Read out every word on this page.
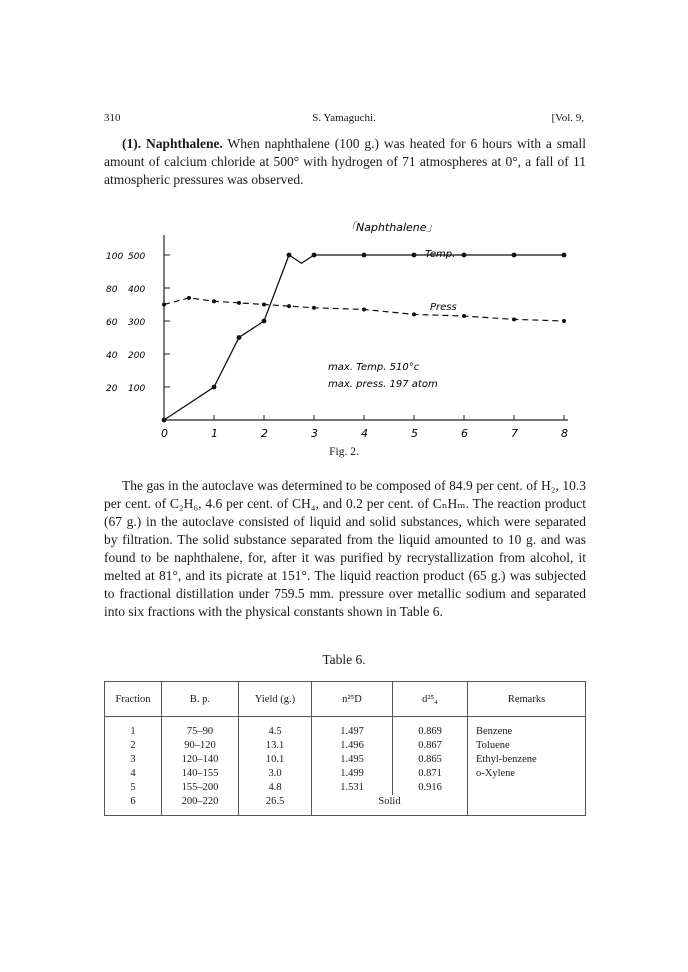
310	S. Yamaguchi.	[Vol. 9,
(1). Naphthalene. When naphthalene (100 g.) was heated for 6 hours with a small amount of calcium chloride at 500° with hydrogen of 71 atmospheres at 0°, a fall of 11 atmospheric pressures was observed.
「Naphthalene」
0	1	2	3	4	5	6	7	8
100 500
80 400
60 300
40 200
20 100
Temp.
Press
max. Temp. 510°c
max. press. 197 atom
Fig. 2.
The gas in the autoclave was determined to be composed of 84.9 per cent. of H₂, 10.3 per cent. of C₂H₆, 4.6 per cent. of CH₄, and 0.2 per cent. of CₙHₘ. The reaction product (67 g.) in the autoclave consisted of liquid and solid substances, which were separated by filtration. The solid substance separated from the liquid amounted to 10 g. and was found to be naphthalene, for, after it was purified by recrystallization from alcohol, it melted at 81°, and its picrate at 151°. The liquid reaction product (65 g.) was subjected to fractional distillation under 759.5 mm. pressure over metallic sodium and separated into six fractions with the physical constants shown in Table 6.
Table 6.
Fraction	B. p.	Yield (g.)	n²⁵D	d²⁵₄	Remarks
1	75–90	4.5	1.497	0.869	Benzene
2	90–120	13.1	1.496	0.867	Toluene
3	120–140	10.1	1.495	0.865	Ethyl-benzene
4	140–155	3.0	1.499	0.871	o-Xylene
5	155–200	4.8	1.531	0.916	
6	200–220	26.5	Solid		
